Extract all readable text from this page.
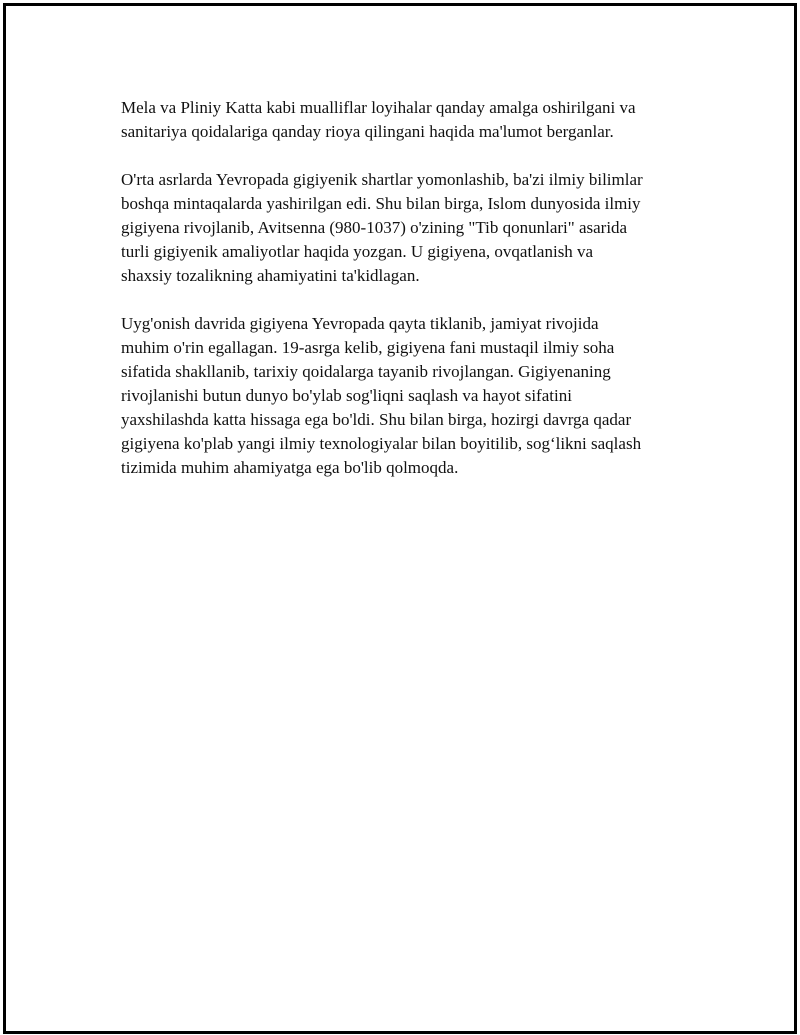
Mela va Pliniy Katta kabi mualliflar loyihalar qanday amalga oshirilgani va
sanitariya qoidalariga qanday rioya qilingani haqida ma'lumot berganlar.

O'rta asrlarda Yevropada gigiyenik shartlar yomonlashib, ba'zi ilmiy bilimlar
boshqa mintaqalarda yashirilgan edi. Shu bilan birga, Islom dunyosida ilmiy
gigiyena rivojlanib, Avitsenna (980-1037) o'zining "Tib qonunlari" asarida
turli gigiyenik amaliyotlar haqida yozgan. U gigiyena, ovqatlanish va
shaxsiy tozalikning ahamiyatini ta'kidlagan.

Uyg'onish davrida gigiyena Yevropada qayta tiklanib, jamiyat rivojida
muhim o'rin egallagan. 19-asrga kelib, gigiyena fani mustaqil ilmiy soha
sifatida shakllanib, tarixiy qoidalarga tayanib rivojlangan. Gigiyenaning
rivojlanishi butun dunyo bo'ylab sog'liqni saqlash va hayot sifatini
yaxshilashda katta hissaga ega bo'ldi. Shu bilan birga, hozirgi davrga qadar
gigiyena ko'plab yangi ilmiy texnologiyalar bilan boyitilib, sog‘likni saqlash
tizimida muhim ahamiyatga ega bo'lib qolmoqda.
